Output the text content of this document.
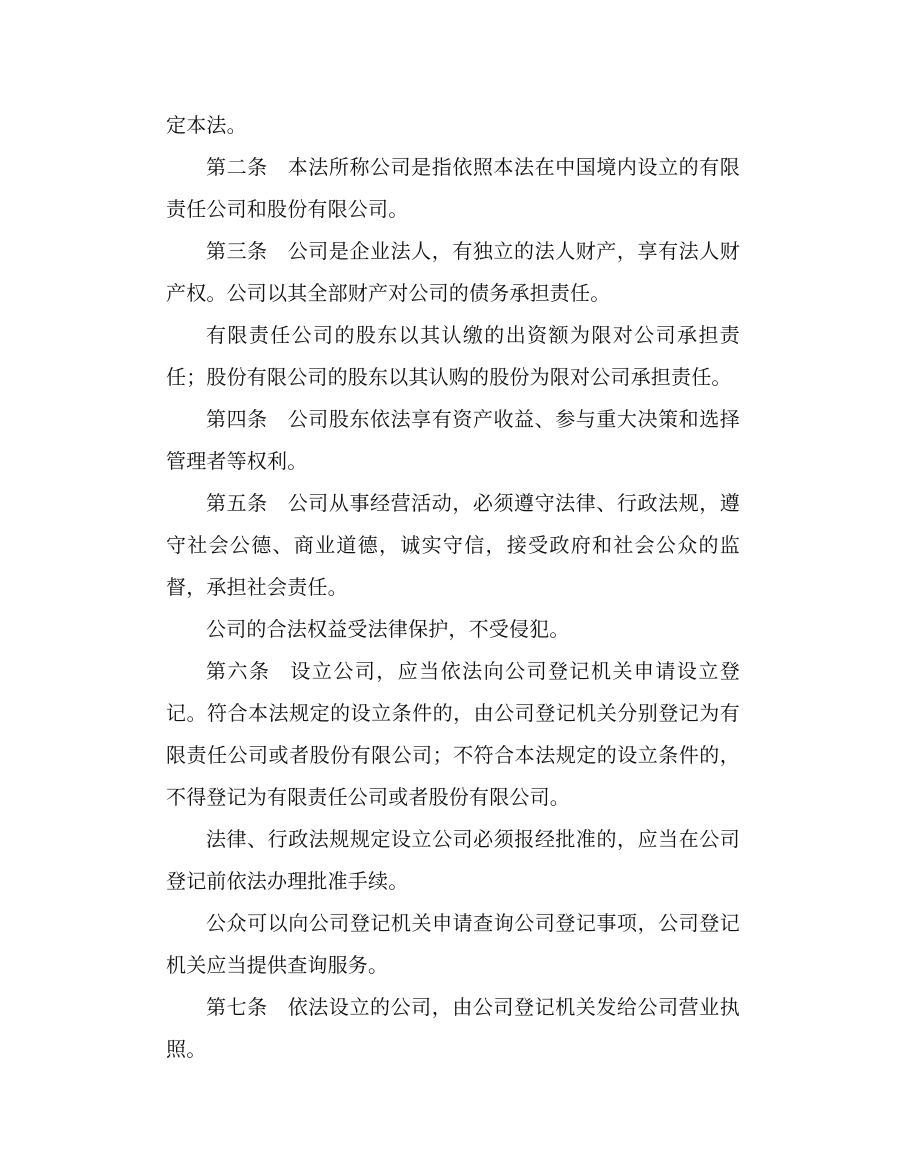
定本法。

第二条 本法所称公司是指依照本法在中国境内设立的有限责任公司和股份有限公司。

第三条 公司是企业法人，有独立的法人财产，享有法人财产权。公司以其全部财产对公司的债务承担责任。

有限责任公司的股东以其认缴的出资额为限对公司承担责任；股份有限公司的股东以其认购的股份为限对公司承担责任。

第四条 公司股东依法享有资产收益、参与重大决策和选择管理者等权利。

第五条 公司从事经营活动，必须遵守法律、行政法规，遵守社会公德、商业道德，诚实守信，接受政府和社会公众的监督，承担社会责任。

公司的合法权益受法律保护，不受侵犯。

第六条 设立公司，应当依法向公司登记机关申请设立登记。符合本法规定的设立条件的，由公司登记机关分别登记为有限责任公司或者股份有限公司；不符合本法规定的设立条件的，不得登记为有限责任公司或者股份有限公司。

法律、行政法规规定设立公司必须报经批准的，应当在公司登记前依法办理批准手续。

公众可以向公司登记机关申请查询公司登记事项，公司登记机关应当提供查询服务。

第七条 依法设立的公司，由公司登记机关发给公司营业执照。
